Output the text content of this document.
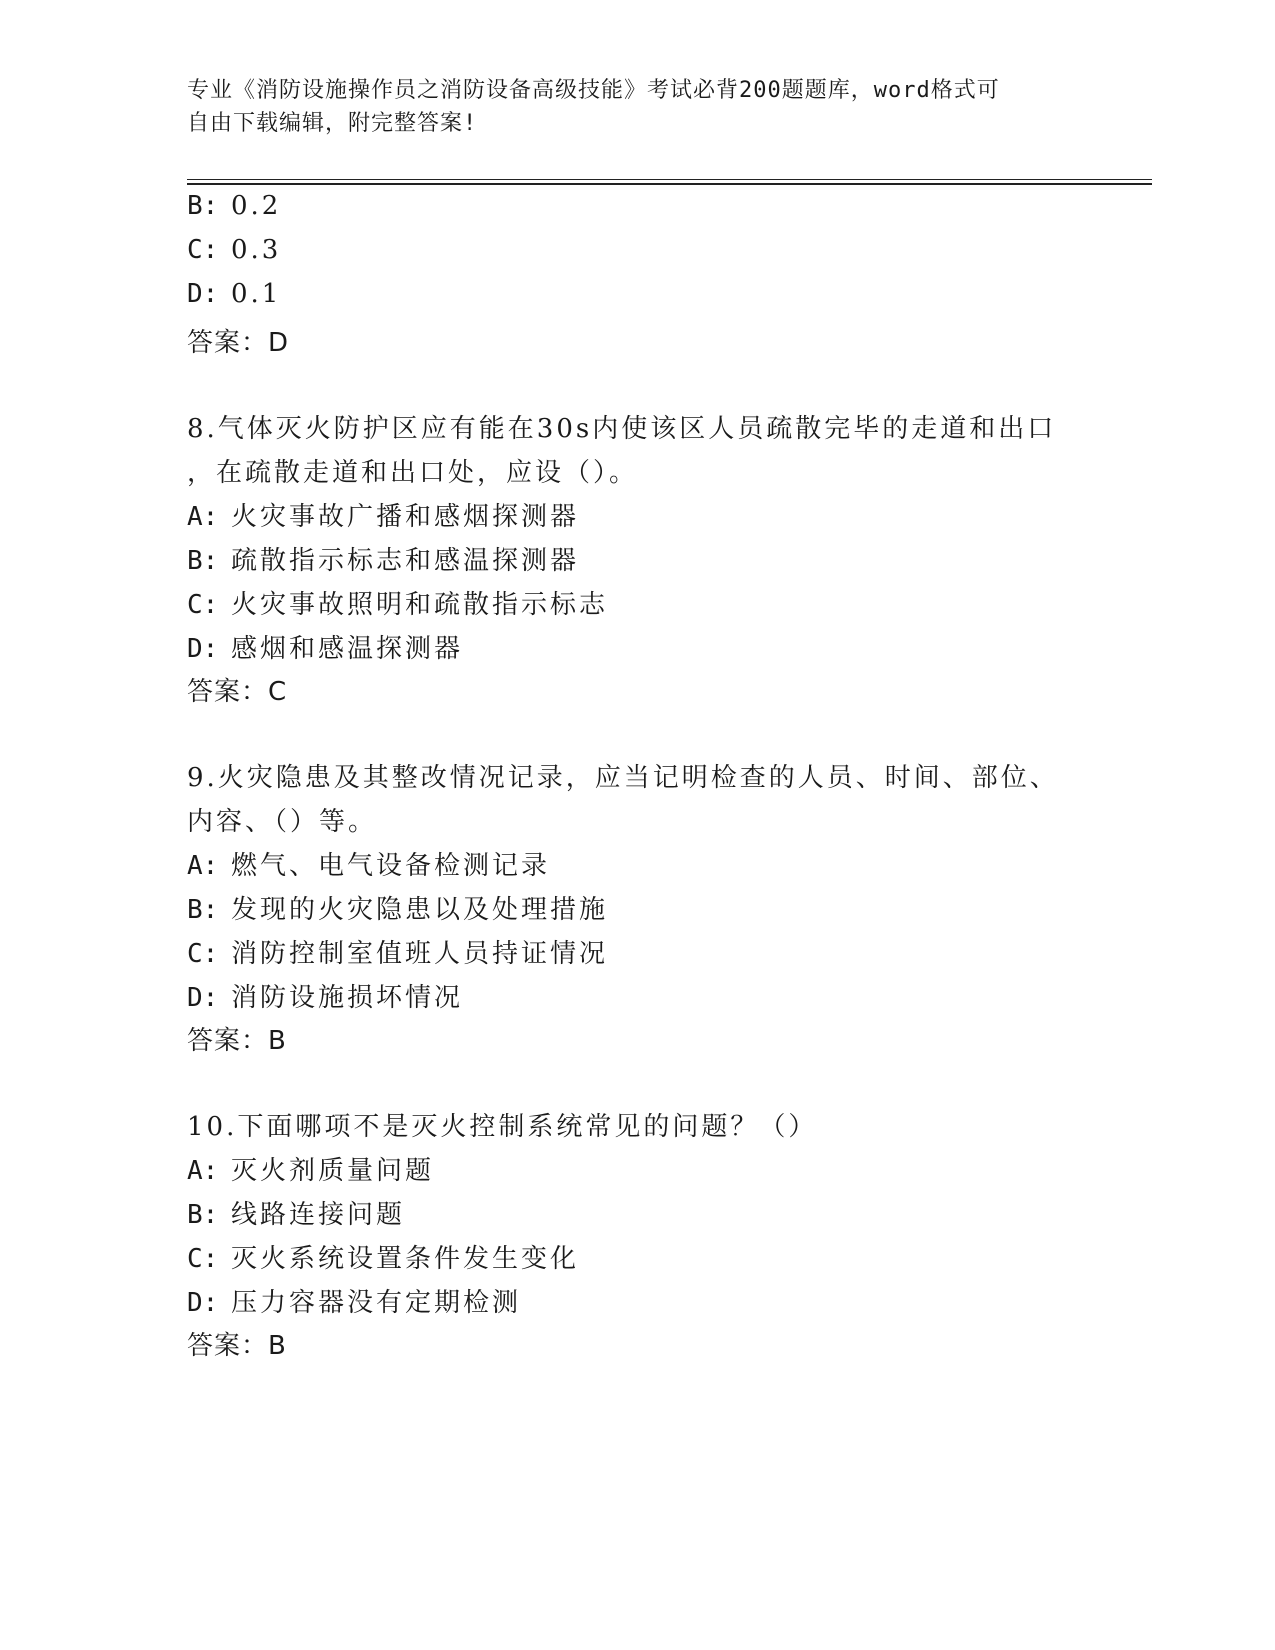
专业《消防设施操作员之消防设备高级技能》考试必背200题题库，word格式可
自由下载编辑，附完整答案!
B: 0.2
C: 0.3
D: 0.1
答案：D
8.气体灭火防护区应有能在30s内使该区人员疏散完毕的走道和出口
，在疏散走道和出口处，应设（）。
A: 火灾事故广播和感烟探测器
B: 疏散指示标志和感温探测器
C: 火灾事故照明和疏散指示标志
D: 感烟和感温探测器
答案：C
9.火灾隐患及其整改情况记录，应当记明检查的人员、时间、部位、
内容、（）等。
A: 燃气、电气设备检测记录
B: 发现的火灾隐患以及处理措施
C: 消防控制室值班人员持证情况
D: 消防设施损坏情况
答案：B
10.下面哪项不是灭火控制系统常见的问题？（）
A: 灭火剂质量问题
B: 线路连接问题
C: 灭火系统设置条件发生变化
D: 压力容器没有定期检测
答案：B
